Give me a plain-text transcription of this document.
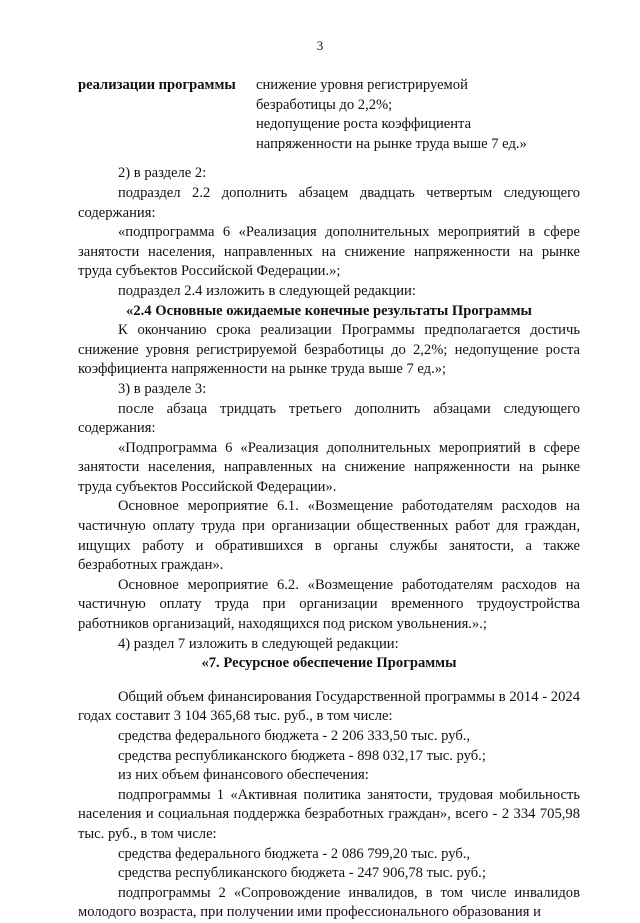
3
реализации программы	снижение уровня регистрируемой
безработицы до 2,2%;
недопущение роста коэффициента
напряженности на рынке труда выше 7 ед.»

2) в разделе 2:

подраздел 2.2 дополнить абзацем двадцать четвертым следующего содержания:

«подпрограмма 6 «Реализация дополнительных мероприятий в сфере занятости населения, направленных на снижение напряженности на рынке труда субъектов Российской Федерации.»;

подраздел 2.4 изложить в следующей редакции:

«2.4 Основные ожидаемые конечные результаты Программы

К окончанию срока реализации Программы предполагается достичь снижение уровня регистрируемой безработицы до 2,2%; недопущение роста коэффициента напряженности на рынке труда выше 7 ед.»;

3) в разделе 3:

после абзаца тридцать третьего дополнить абзацами следующего содержания:

«Подпрограмма 6 «Реализация дополнительных мероприятий в сфере занятости населения, направленных на снижение напряженности на рынке труда субъектов Российской Федерации».

Основное мероприятие 6.1. «Возмещение работодателям расходов на частичную оплату труда при организации общественных работ для граждан, ищущих работу и обратившихся в органы службы занятости, а также безработных граждан».

Основное мероприятие 6.2. «Возмещение работодателям расходов на частичную оплату труда при организации временного трудоустройства работников организаций, находящихся под риском увольнения.».;

4) раздел 7 изложить в следующей редакции:

«7. Ресурсное обеспечение Программы

Общий объем финансирования Государственной программы в 2014 - 2024 годах составит 3 104 365,68 тыс. руб., в том числе:

средства федерального бюджета - 2 206 333,50 тыс. руб.,

средства республиканского бюджета - 898 032,17 тыс. руб.;

из них объем финансового обеспечения:

подпрограммы 1 «Активная политика занятости, трудовая мобильность населения и социальная поддержка безработных граждан», всего - 2 334 705,98 тыс. руб., в том числе:

средства федерального бюджета - 2 086 799,20 тыс. руб.,

средства республиканского бюджета - 247 906,78 тыс. руб.;

подпрограммы 2 «Сопровождение инвалидов, в том числе инвалидов молодого возраста, при получении ими профессионального образования и
